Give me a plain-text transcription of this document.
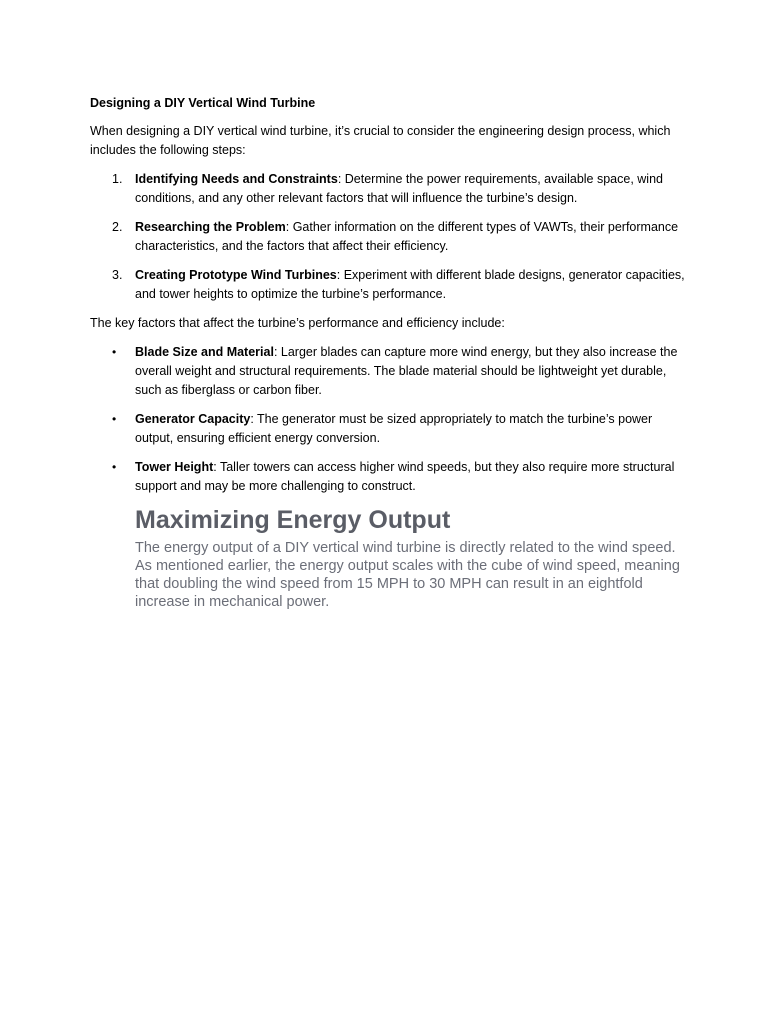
Designing a DIY Vertical Wind Turbine

When designing a DIY vertical wind turbine, it’s crucial to consider the engineering design process, which includes the following steps:

1.	Identifying Needs and Constraints: Determine the power requirements, available space, wind conditions, and any other relevant factors that will influence the turbine’s design.
2.	Researching the Problem: Gather information on the different types of VAWTs, their performance characteristics, and the factors that affect their efficiency.
3.	Creating Prototype Wind Turbines: Experiment with different blade designs, generator capacities, and tower heights to optimize the turbine’s performance.

The key factors that affect the turbine’s performance and efficiency include:

•	Blade Size and Material: Larger blades can capture more wind energy, but they also increase the overall weight and structural requirements. The blade material should be lightweight yet durable, such as fiberglass or carbon fiber.
•	Generator Capacity: The generator must be sized appropriately to match the turbine’s power output, ensuring efficient energy conversion.
•	Tower Height: Taller towers can access higher wind speeds, but they also require more structural support and may be more challenging to construct.
Maximizing Energy Output

The energy output of a DIY vertical wind turbine is directly related to the wind speed. As mentioned earlier, the energy output scales with the cube of wind speed, meaning that doubling the wind speed from 15 MPH to 30 MPH can result in an eightfold increase in mechanical power.
